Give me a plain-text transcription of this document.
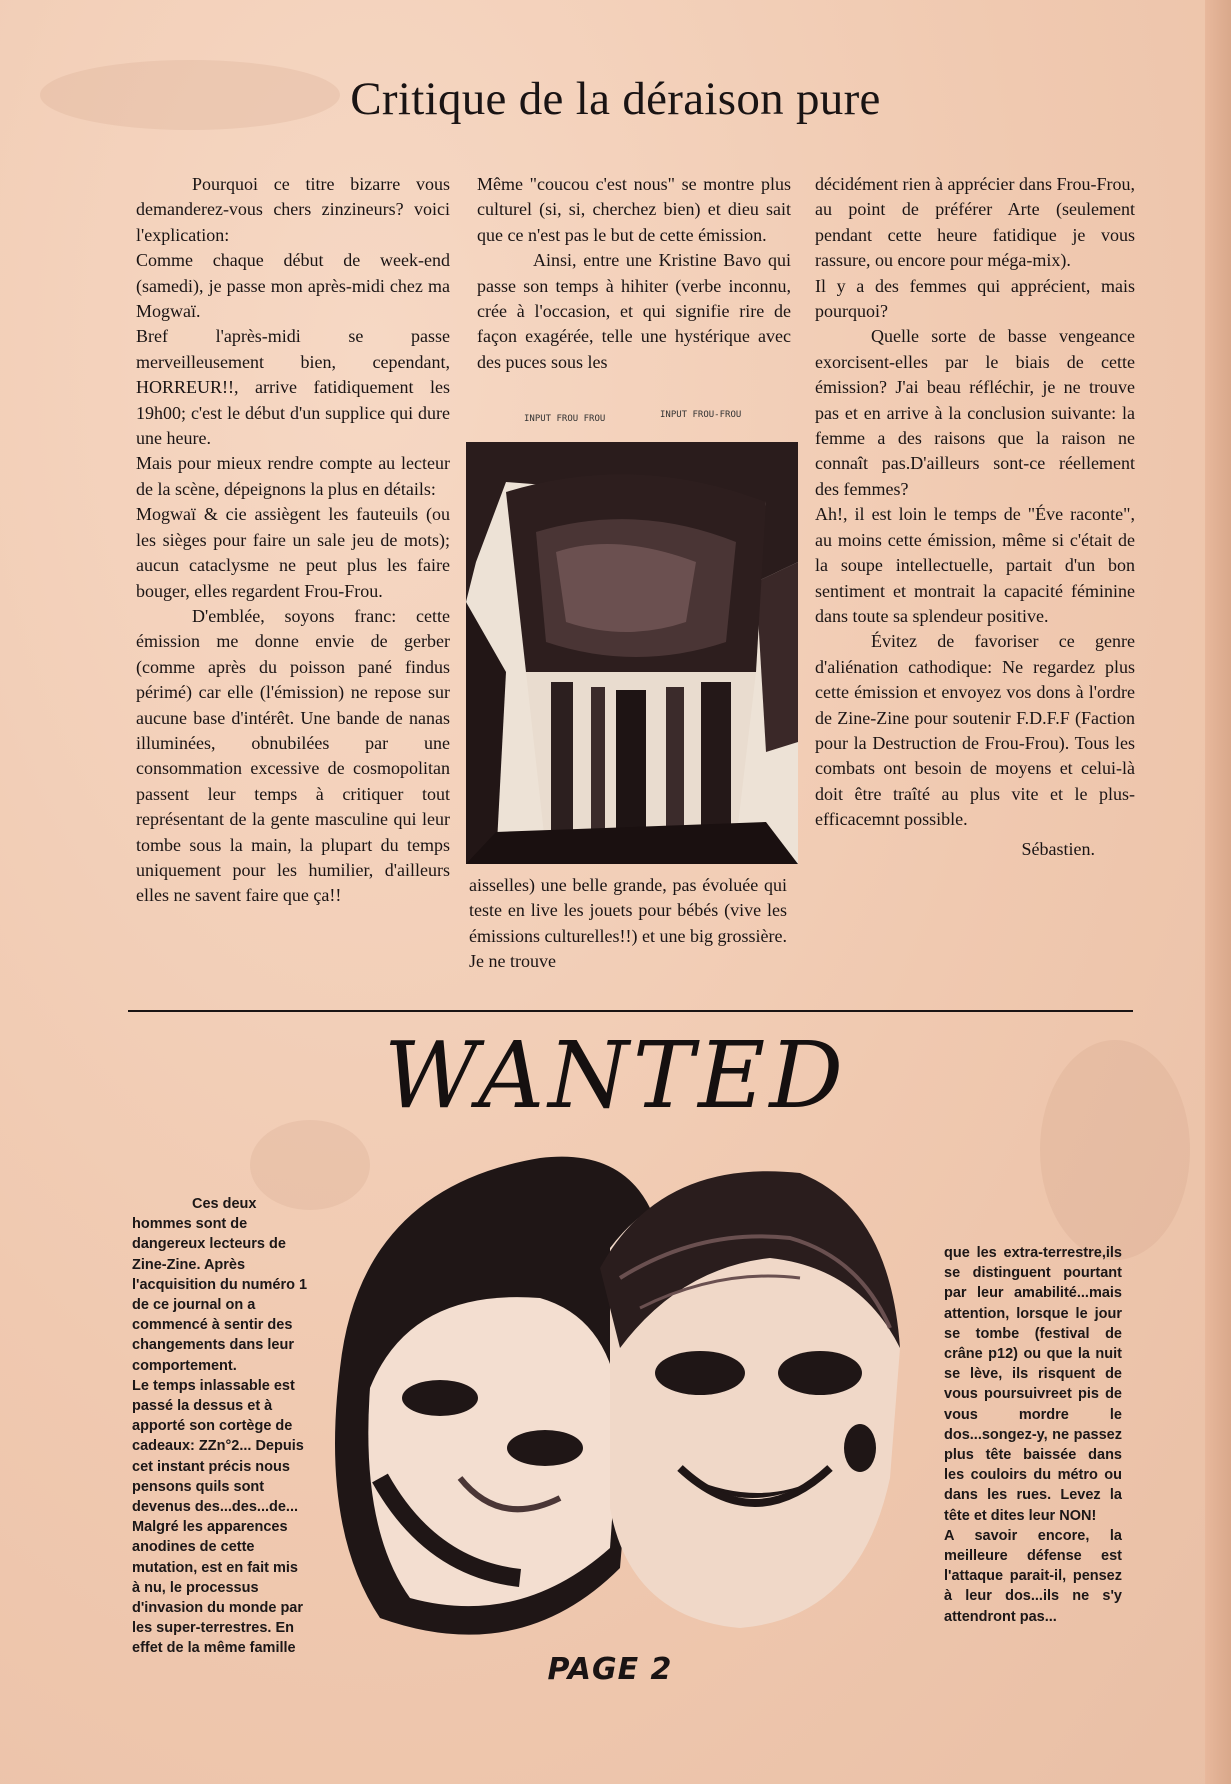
Critique de la déraison pure

Pourquoi ce titre bizarre vous demanderez-vous chers zinzineurs? voici l'explication:

Comme chaque début de week-end (samedi), je passe mon après-midi chez ma Mogwaï.

Bref l'après-midi se passe merveilleusement bien, cependant, HORREUR!!, arrive fatidiquement les 19h00; c'est le début d'un supplice qui dure une heure.

Mais pour mieux rendre compte au lecteur de la scène, dépeignons la plus en détails:

Mogwaï & cie assiègent les fauteuils (ou les sièges pour faire un sale jeu de mots); aucun cataclysme ne peut plus les faire bouger, elles regardent Frou-Frou.

D'emblée, soyons franc: cette émission me donne envie de gerber (comme après du poisson pané findus périmé) car elle (l'émission) ne repose sur aucune base d'intérêt. Une bande de nanas illuminées, obnubilées par une consommation excessive de cosmopolitan passent leur temps à critiquer tout représentant de la gente masculine qui leur tombe sous la main, la plupart du temps uniquement pour les humilier, d'ailleurs elles ne savent faire que ça!!

Même "coucou c'est nous" se montre plus culturel (si, si, cherchez bien) et dieu sait que ce n'est pas le but de cette émission.

Ainsi, entre une Kristine Bavo qui passe son temps à hihiter (verbe inconnu, crée à l'occasion, et qui signifie rire de façon exagérée, telle une hystérique avec des puces sous les

INPUT FROU FROU	INPUT FROU-FROU

aisselles) une belle grande, pas évoluée qui teste en live les jouets pour bébés (vive les émissions culturelles!!) et une big grossière. Je ne trouve

décidément rien à apprécier dans Frou-Frou, au point de préférer Arte (seulement pendant cette heure fatidique je vous rassure, ou encore pour méga-mix).

Il y a des femmes qui apprécient, mais pourquoi?

Quelle sorte de basse vengeance exorcisent-elles par le biais de cette émission? J'ai beau réfléchir, je ne trouve pas et en arrive à la conclusion suivante: la femme a des raisons que la raison ne connaît pas.D'ailleurs sont-ce réellement des femmes?

Ah!, il est loin le temps de "Éve raconte", au moins cette émission, même si c'était de la soupe intellectuelle, partait d'un bon sentiment et montrait la capacité féminine dans toute sa splendeur positive.

Évitez de favoriser ce genre d'aliénation cathodique: Ne regardez plus cette émission et envoyez vos dons à l'ordre de Zine-Zine pour soutenir F.D.F.F (Faction pour la Destruction de Frou-Frou). Tous les combats ont besoin de moyens et celui-là doit être traîté au plus vite et le plus-efficacemnt possible.

Sébastien.

WANTED

Ces deux hommes sont de dangereux lecteurs de Zine-Zine. Après l'acquisition du numéro 1 de ce journal on a commencé à sentir des changements dans leur comportement.

Le temps inlassable est passé la dessus et à apporté son cortège de cadeaux: ZZn°2... Depuis cet instant précis nous pensons quils sont devenus des...des...de...

Malgré les apparences anodines de cette mutation, est en fait mis à nu, le processus d'invasion du monde par les super-terrestres. En effet de la même famille

que les extra-terrestre,ils se distinguent pourtant par leur amabilité...mais attention, lorsque le jour se tombe (festival de crâne p12) ou que la nuit se lève, ils risquent de vous poursuivreet pis de vous mordre le dos...songez-y, ne passez plus tête baissée dans les couloirs du métro ou dans les rues. Levez la tête et dites leur NON!

A savoir encore, la meilleure défense est l'attaque parait-il, pensez à leur dos...ils ne s'y attendront pas...

PAGE 2
